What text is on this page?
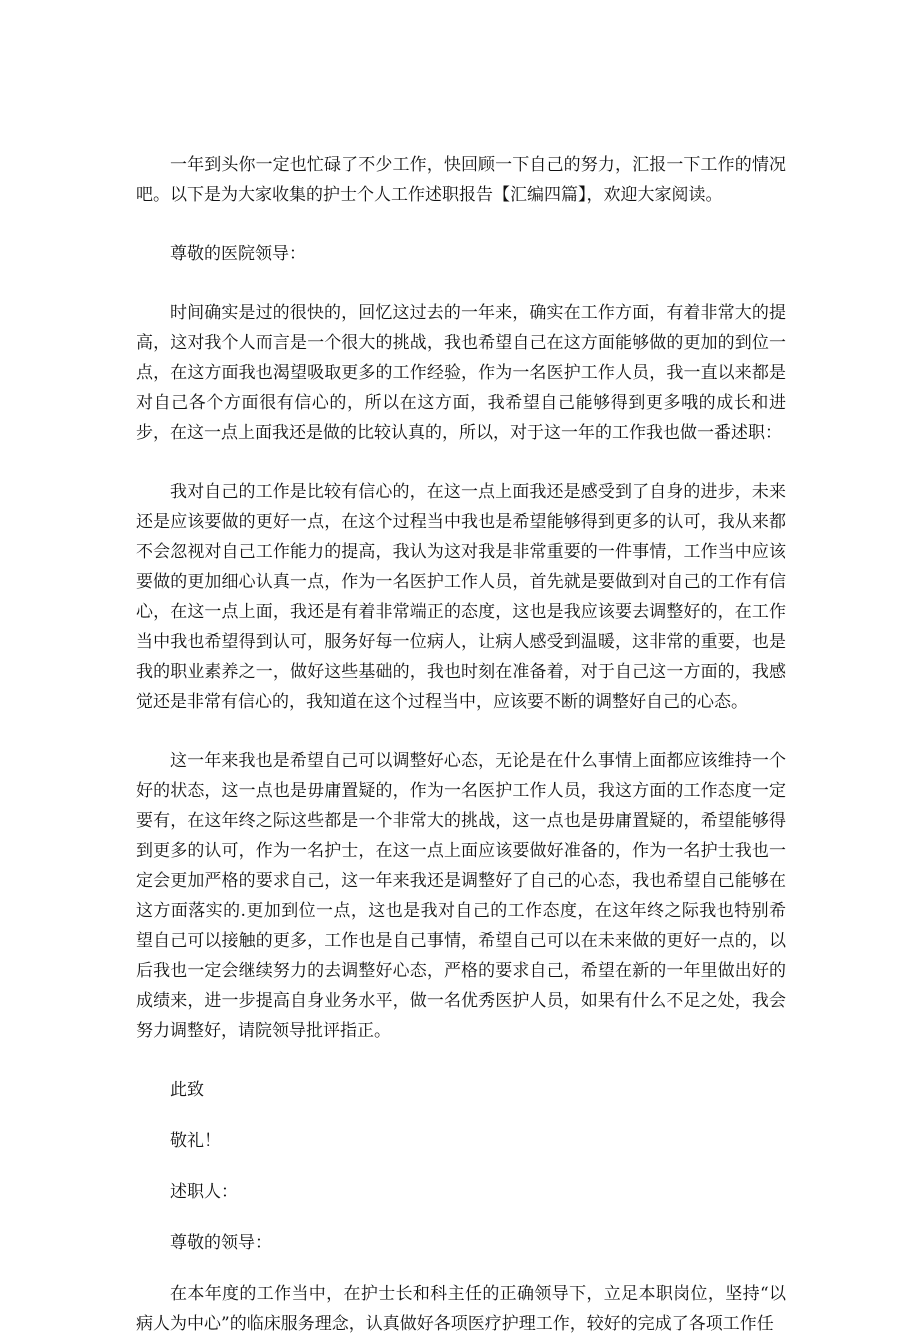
一年到头你一定也忙碌了不少工作，快回顾一下自己的努力，汇报一下工作的情况吧。以下是为大家收集的护士个人工作述职报告【汇编四篇】，欢迎大家阅读。

尊敬的医院领导：

时间确实是过的很快的，回忆这过去的一年来，确实在工作方面，有着非常大的提高，这对我个人而言是一个很大的挑战，我也希望自己在这方面能够做的更加的到位一点，在这方面我也渴望吸取更多的工作经验，作为一名医护工作人员，我一直以来都是对自己各个方面很有信心的，所以在这方面，我希望自己能够得到更多哦的成长和进步，在这一点上面我还是做的比较认真的，所以，对于这一年的工作我也做一番述职：

我对自己的工作是比较有信心的，在这一点上面我还是感受到了自身的进步，未来还是应该要做的更好一点，在这个过程当中我也是希望能够得到更多的认可，我从来都不会忽视对自己工作能力的提高，我认为这对我是非常重要的一件事情，工作当中应该要做的更加细心认真一点，作为一名医护工作人员，首先就是要做到对自己的工作有信心，在这一点上面，我还是有着非常端正的态度，这也是我应该要去调整好的，在工作当中我也希望得到认可，服务好每一位病人，让病人感受到温暖，这非常的重要，也是我的职业素养之一，做好这些基础的，我也时刻在准备着，对于自己这一方面的，我感觉还是非常有信心的，我知道在这个过程当中，应该要不断的调整好自己的心态。

这一年来我也是希望自己可以调整好心态，无论是在什么事情上面都应该维持一个好的状态，这一点也是毋庸置疑的，作为一名医护工作人员，我这方面的工作态度一定要有，在这年终之际这些都是一个非常大的挑战，这一点也是毋庸置疑的，希望能够得到更多的认可，作为一名护士，在这一点上面应该要做好准备的，作为一名护士我也一定会更加严格的要求自己，这一年来我还是调整好了自己的心态，我也希望自己能够在这方面落实的.更加到位一点，这也是我对自己的工作态度，在这年终之际我也特别希望自己可以接触的更多，工作也是自己事情，希望自己可以在未来做的更好一点的，以后我也一定会继续努力的去调整好心态，严格的要求自己，希望在新的一年里做出好的成绩来，进一步提高自身业务水平，做一名优秀医护人员，如果有什么不足之处，我会努力调整好，请院领导批评指正。

此致

敬礼！

述职人：

尊敬的领导：

在本年度的工作当中，在护士长和科主任的正确领导下，立足本职岗位，坚持“以病人为中心”的临床服务理念，认真做好各项医疗护理工作，较好的完成了各项工作任
